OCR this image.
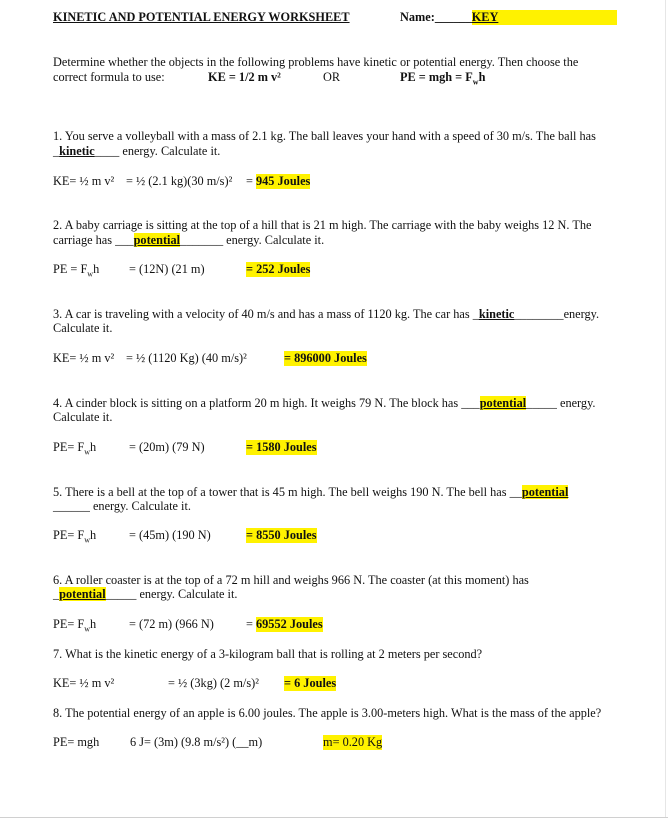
KINETIC AND POTENTIAL ENERGY WORKSHEET	Name:______KEY
Determine whether the objects in the following problems have kinetic or potential energy. Then choose the
correct formula to use:	KE = 1/2 m v²	OR	PE = mgh = $F_wh$
1. You serve a volleyball with a mass of 2.1 kg. The ball leaves your hand with a speed of 30 m/s. The ball has
_kinetic____ energy. Calculate it.
KE= ½ m v² = ½ (2.1 kg)(30 m/s)² = 945 Joules
2. A baby carriage is sitting at the top of a hill that is 21 m high. The carriage with the baby weighs 12 N. The
carriage has ___potential_______ energy. Calculate it.
PE = $F_wh = (12N)$ (21 m)	= 252 Joules
3. A car is traveling with a velocity of 40 m/s and has a mass of 1120 kg. The car has _kinetic________energy.
Calculate it.
KE= ½ m v² = ½ (1120 Kg) (40 m/s)²	= 896000 Joules
4. A cinder block is sitting on a platform 20 m high. It weighs 79 N. The block has ___potential_____ energy.
Calculate it.
$PE= F_wh$	= (20m) (79 N)	= 1580 Joules
5. There is a bell at the top of a tower that is 45 m high. The bell weighs 190 N. The bell has __potential
______ energy. Calculate it.
$PE= F_wh$	= (45m) (190 N)	= 8550 Joules
6. A roller coaster is at the top of a 72 m hill and weighs 966 N. The coaster (at this moment) has
_potential_____ energy. Calculate it.
$PE= F_wh$	= (72 m) (966 N)	= 69552 Joules
7. What is the kinetic energy of a 3-kilogram ball that is rolling at 2 meters per second?
KE= ½ m v²	= ½ (3kg) (2 m/s)² = 6 Joules
8. The potential energy of an apple is 6.00 joules. The apple is 3.00-meters high. What is the mass of the apple?
PE= mgh	6 J= (3m) (9.8 m/s²) (__m)	m= 0.20 Kg
